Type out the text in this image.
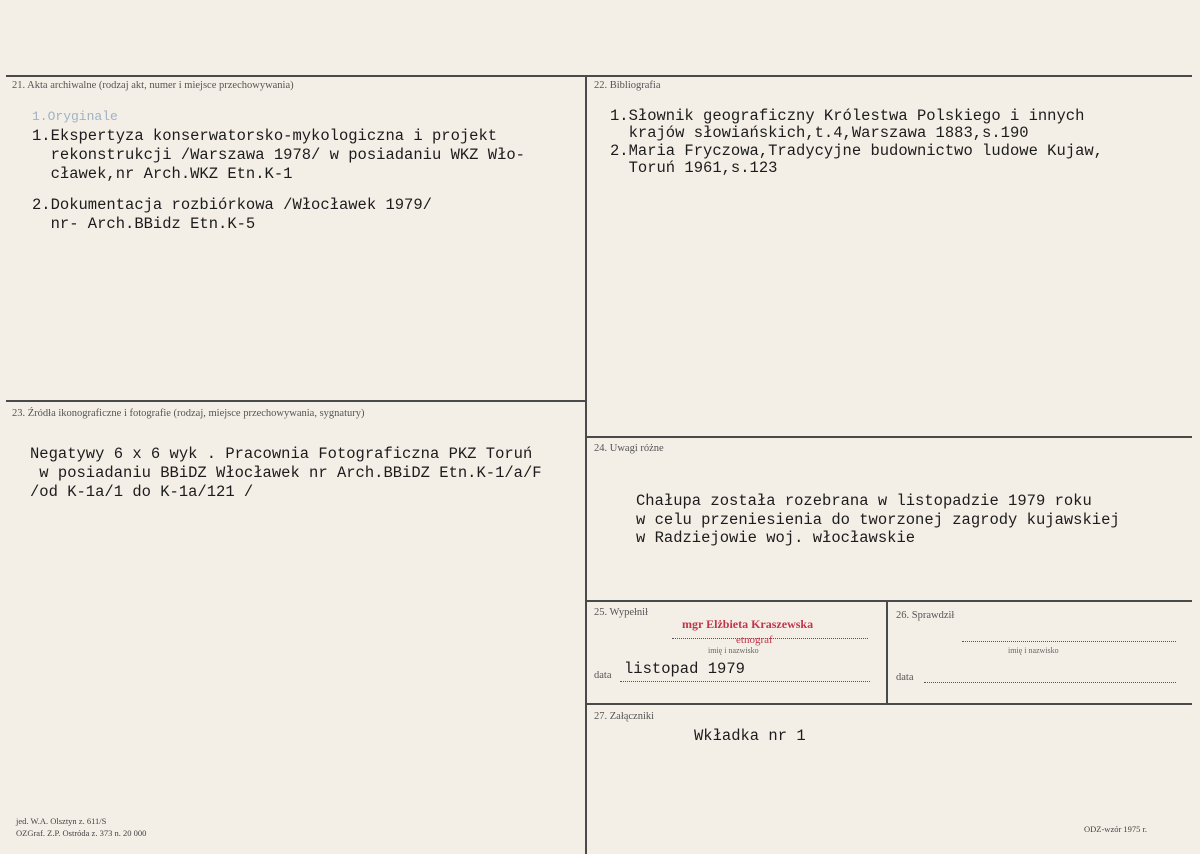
21. Akta archiwalne (rodzaj akt, numer i miejsce przechowywania)
1.Oryginale
1.Ekspertyza konserwatorsko-mykologiczna i projekt
rekonstrukcji /Warszawa 1978/ w posiadaniu WKZ Wło-
cławek,nr Arch.WKZ Etn.K-1
2.Dokumentacja rozbiórkowa /Włocławek 1979/
nr- Arch.BBidz Etn.K-5
22. Bibliografia
1.Słownik geograficzny Królestwa Polskiego i innych
krajów słowiańskich,t.4,Warszawa 1883,s.190
2.Maria Fryczowa,Tradycyjne budownictwo ludowe Kujaw,
Toruń 1961,s.123
23. Źródła ikonograficzne i fotografie (rodzaj, miejsce przechowywania, sygnatury)
Negatywy 6 x 6 wyk . Pracownia Fotograficzna PKZ Toruń
w posiadaniu BBiDZ Włocławek nr Arch.BBiDZ Etn.K-1/a/F
/od K-1a/1 do K-1a/121 /
24. Uwagi różne
Chałupa została rozebrana w listopadzie 1979 roku
w celu przeniesienia do tworzonej zagrody kujawskiej
w Radziejowie woj. włocławskie
25. Wypełnił
mgr Elżbieta Kraszewska
etnograf
imię i nazwisko
listopad 1979
data
26. Sprawdził
imię i nazwisko
data
27. Załączniki
Wkładka nr 1
jed. W.A. Olsztyn z. 611/S
OZGraf. Z.P. Ostróda z. 373 n. 20 000	ODZ-wzór 1975 r.
